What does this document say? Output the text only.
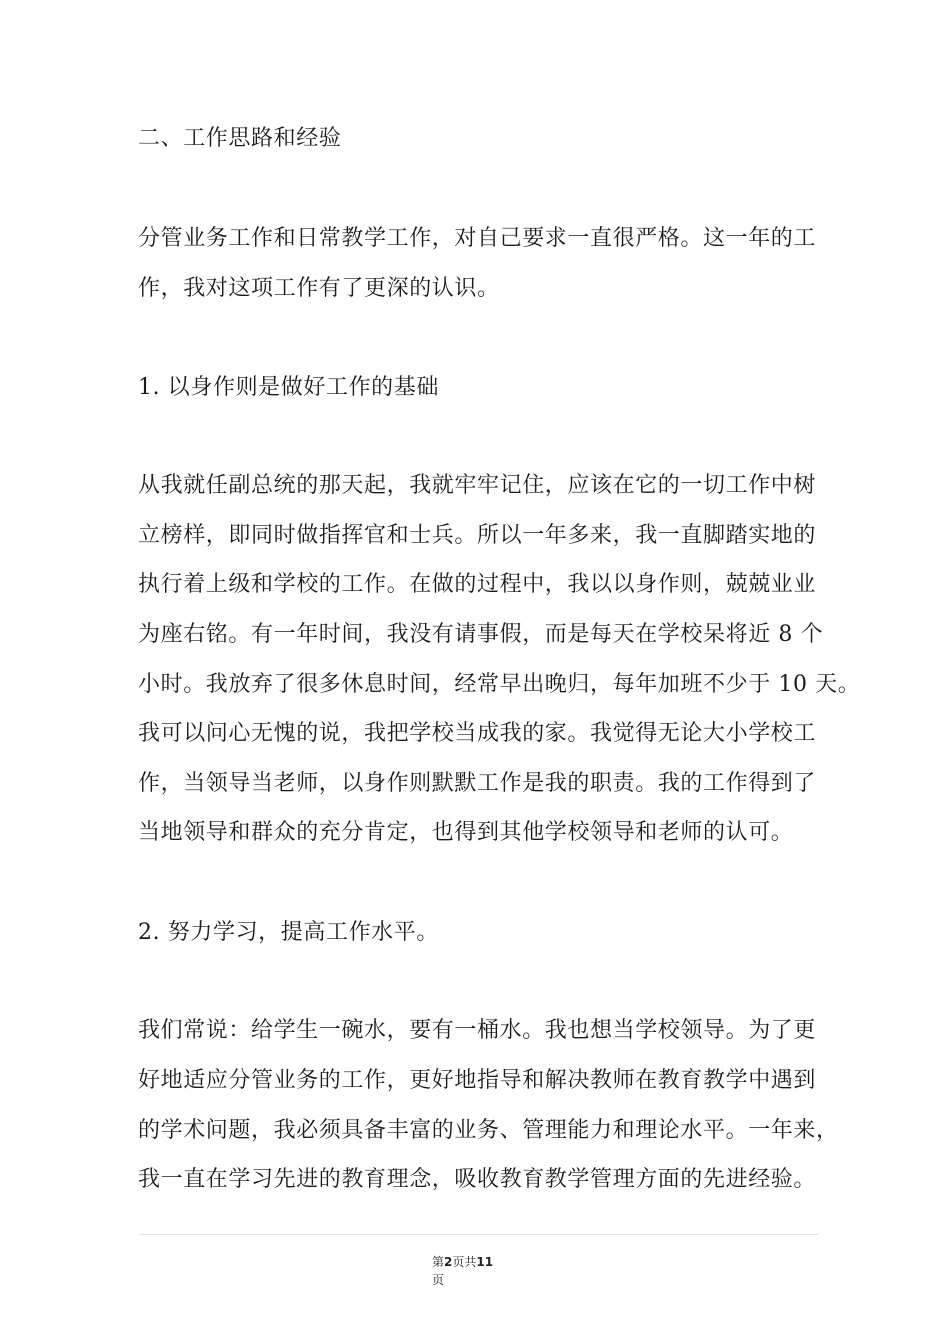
二、工作思路和经验
分管业务工作和日常教学工作，对自己要求一直很严格。这一年的工
作，我对这项工作有了更深的认识。
1. 以身作则是做好工作的基础
从我就任副总统的那天起，我就牢牢记住，应该在它的一切工作中树
立榜样，即同时做指挥官和士兵。所以一年多来，我一直脚踏实地的
执行着上级和学校的工作。在做的过程中，我以以身作则，兢兢业业
为座右铭。有一年时间，我没有请事假，而是每天在学校呆将近 8 个
小时。我放弃了很多休息时间，经常早出晚归，每年加班不少于 10 天。
我可以问心无愧的说，我把学校当成我的家。我觉得无论大小学校工
作，当领导当老师，以身作则默默工作是我的职责。我的工作得到了
当地领导和群众的充分肯定，也得到其他学校领导和老师的认可。
2. 努力学习，提高工作水平。
我们常说：给学生一碗水，要有一桶水。我也想当学校领导。为了更
好地适应分管业务的工作，更好地指导和解决教师在教育教学中遇到
的学术问题，我必须具备丰富的业务、管理能力和理论水平。一年来，
我一直在学习先进的教育理念，吸收教育教学管理方面的先进经验。
第2页共11
页
